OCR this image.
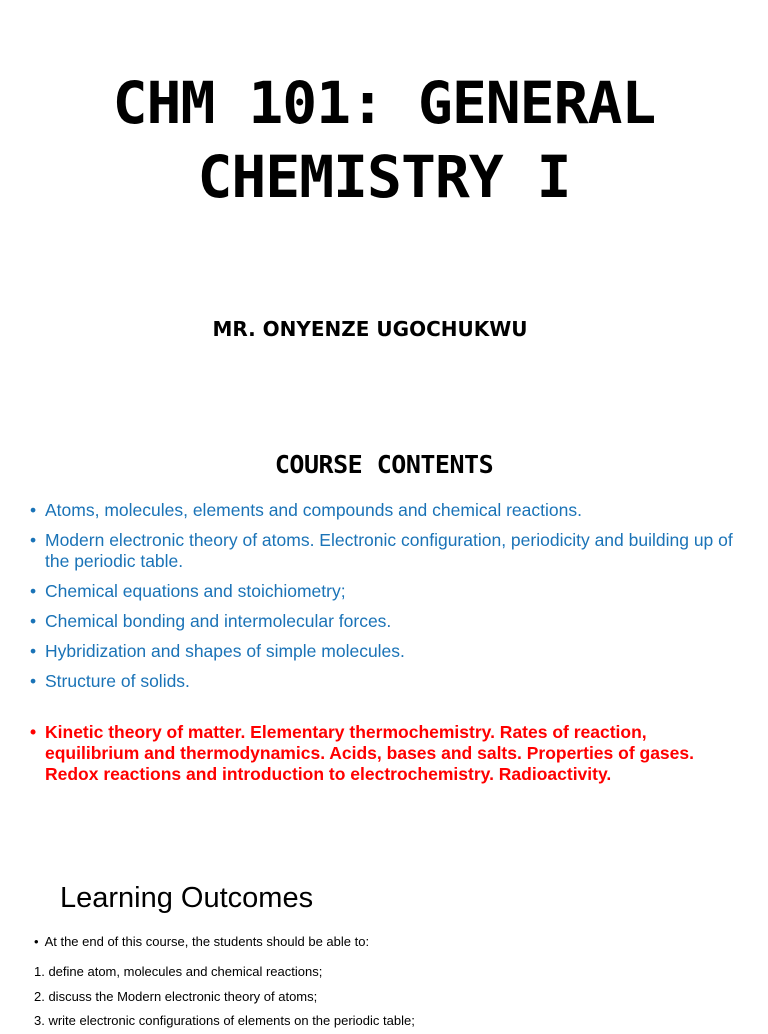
CHM 101: GENERAL
CHEMISTRY I
MR. ONYENZE UGOCHUKWU
COURSE CONTENTS
• Atoms, molecules, elements and compounds and chemical reactions.
• Modern electronic theory of atoms. Electronic configuration, periodicity and building up of the periodic table.
• Chemical equations and stoichiometry;
• Chemical bonding and intermolecular forces.
• Hybridization and shapes of simple molecules.
• Structure of solids.
• Kinetic theory of matter. Elementary thermochemistry. Rates of reaction, equilibrium and thermodynamics. Acids, bases and salts. Properties of gases. Redox reactions and introduction to electrochemistry. Radioactivity.
Learning Outcomes
• At the end of this course, the students should be able to:
1. define atom, molecules and chemical reactions;
2. discuss the Modern electronic theory of atoms;
3. write electronic configurations of elements on the periodic table;
